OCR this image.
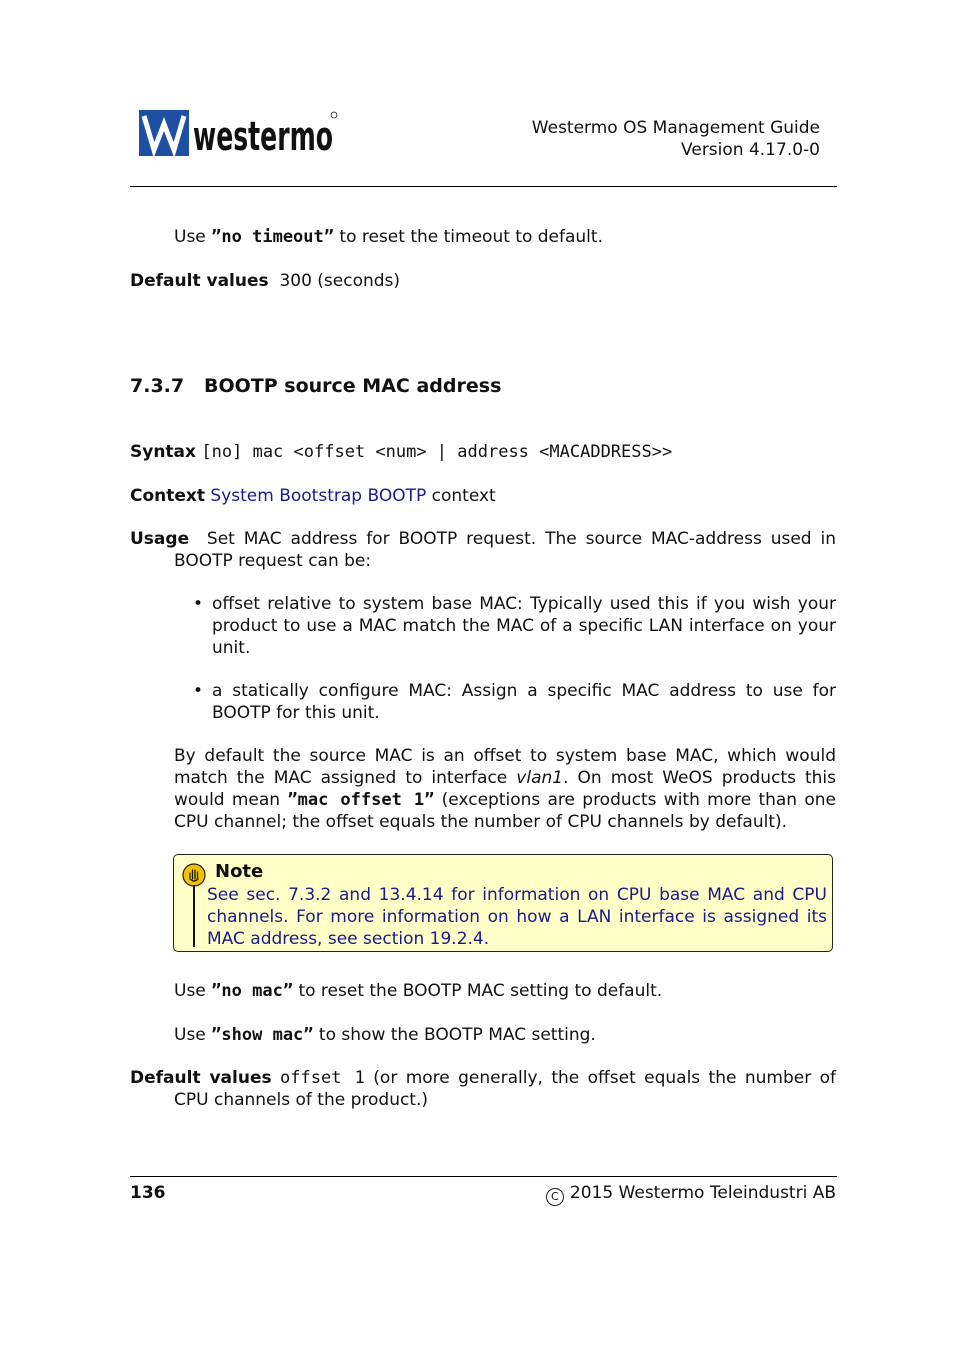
westermo	Westermo OS Management Guide
Version 4.17.0-0
Use ”no timeout” to reset the timeout to default.
Default values 300 (seconds)
7.3.7 BOOTP source MAC address
Syntax [no] mac <offset <num> | address <MACADDRESS>>
Context System Bootstrap BOOTP context
Usage Set MAC address for BOOTP request. The source MAC-address used in
BOOTP request can be:
• offset relative to system base MAC: Typically used this if you wish your
product to use a MAC match the MAC of a specific LAN interface on your
unit.
• a statically configure MAC: Assign a specific MAC address to use for
BOOTP for this unit.
By default the source MAC is an offset to system base MAC, which would
match the MAC assigned to interface vlan1. On most WeOS products this
would mean ”mac offset 1” (exceptions are products with more than one
CPU channel; the offset equals the number of CPU channels by default).
Note
See sec. 7.3.2 and 13.4.14 for information on CPU base MAC and CPU
channels. For more information on how a LAN interface is assigned its
MAC address, see section 19.2.4.
Use ”no mac” to reset the BOOTP MAC setting to default.
Use ”show mac” to show the BOOTP MAC setting.
Default values offset 1 (or more generally, the offset equals the number of
CPU channels of the product.)
136	C 2015 Westermo Teleindustri AB
